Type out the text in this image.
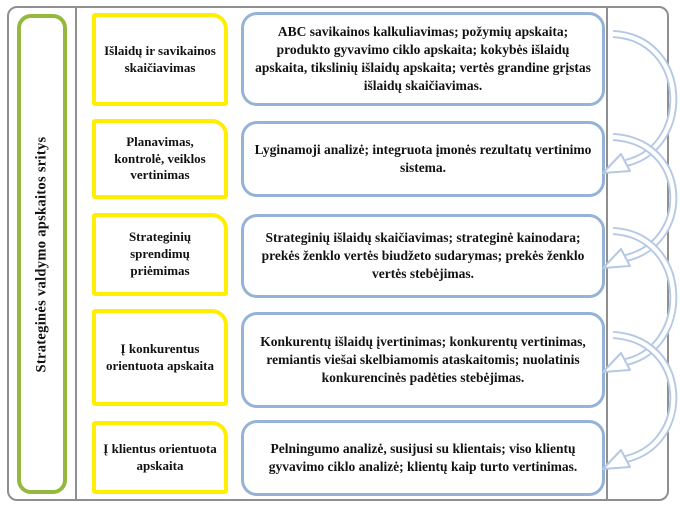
Strateginės valdymo apskaitos sritys
Išlaidų ir savikainos skaičiavimas
Planavimas, kontrolė, veiklos vertinimas
Strateginių sprendimų priėmimas
Į konkurentus orientuota apskaita
Į klientus orientuota apskaita
ABC savikainos kalkuliavimas; požymių apskaita; produkto gyvavimo ciklo apskaita; kokybės išlaidų apskaita, tikslinių išlaidų apskaita; vertės grandine grįstas išlaidų skaičiavimas.
Lyginamoji analizė; integruota įmonės rezultatų vertinimo sistema.
Strateginių išlaidų skaičiavimas; strateginė kainodara; prekės ženklo vertės biudžeto sudarymas; prekės ženklo vertės stebėjimas.
Konkurentų išlaidų įvertinimas; konkurentų vertinimas, remiantis viešai skelbiamomis ataskaitomis; nuolatinis konkurencinės padėties stebėjimas.
Pelningumo analizė, susijusi su klientais; viso klientų gyvavimo ciklo analizė; klientų kaip turto vertinimas.
